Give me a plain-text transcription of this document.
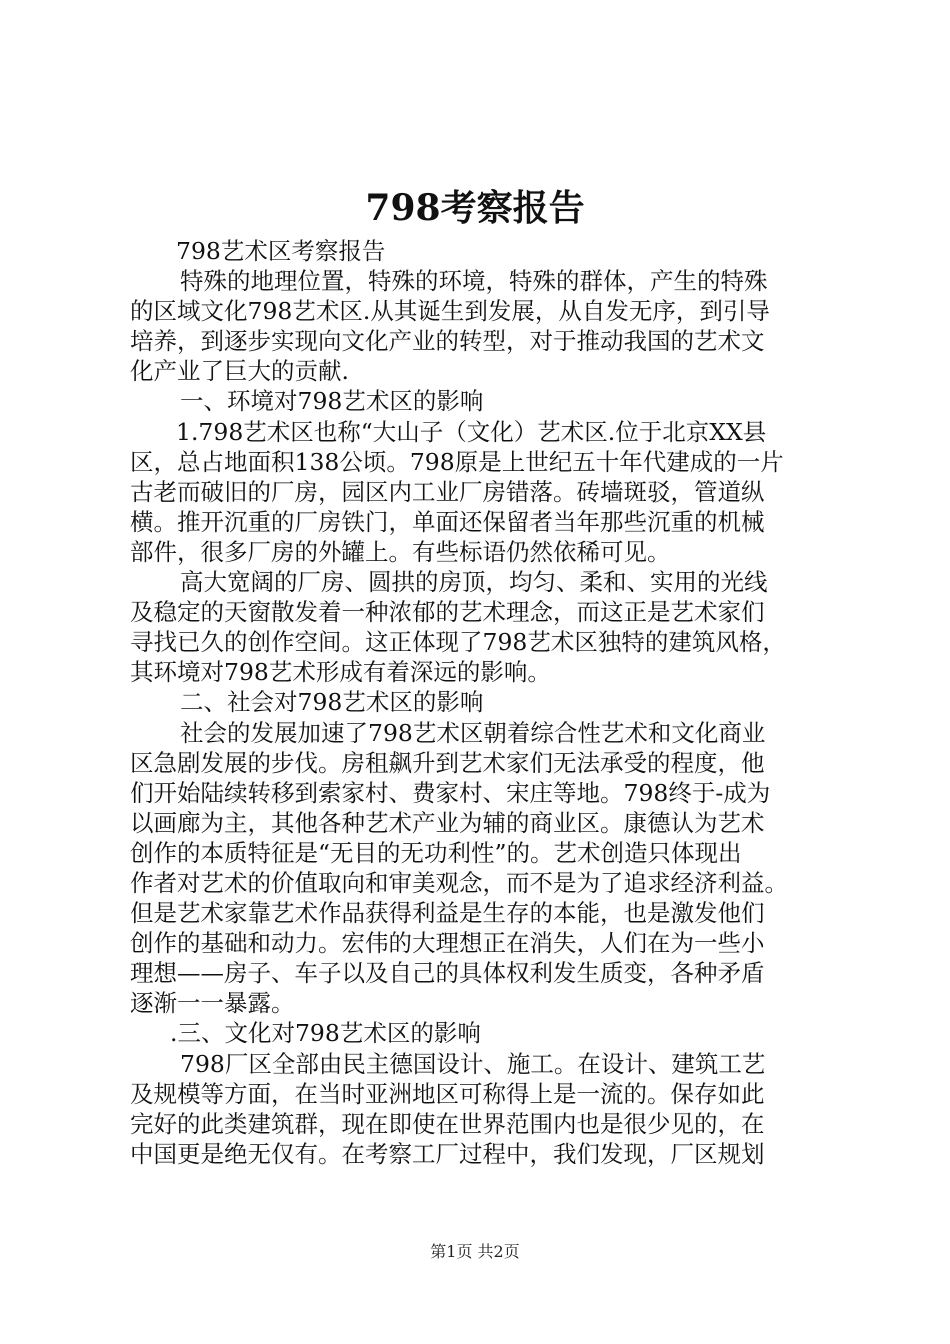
798考察报告
798艺术区考察报告
特殊的地理位置，特殊的环境，特殊的群体，产生的特殊
的区域文化798艺术区.从其诞生到发展，从自发无序，到引导
培养，到逐步实现向文化产业的转型，对于推动我国的艺术文
化产业了巨大的贡献.
一、环境对798艺术区的影响
1.798艺术区也称“大山子（文化）艺术区.位于北京XX县
区，总占地面积138公顷。798原是上世纪五十年代建成的一片
古老而破旧的厂房，园区内工业厂房错落。砖墙斑驳，管道纵
横。推开沉重的厂房铁门，单面还保留者当年那些沉重的机械
部件，很多厂房的外罐上。有些标语仍然依稀可见。
高大宽阔的厂房、圆拱的房顶，均匀、柔和、实用的光线
及稳定的天窗散发着一种浓郁的艺术理念，而这正是艺术家们
寻找已久的创作空间。这正体现了798艺术区独特的建筑风格，
其环境对798艺术形成有着深远的影响。
二、社会对798艺术区的影响
社会的发展加速了798艺术区朝着综合性艺术和文化商业
区急剧发展的步伐。房租飙升到艺术家们无法承受的程度，他
们开始陆续转移到索家村、费家村、宋庄等地。798终于-成为
以画廊为主，其他各种艺术产业为辅的商业区。康德认为艺术
创作的本质特征是“无目的无功利性”的。艺术创造只体现出
作者对艺术的价值取向和审美观念，而不是为了追求经济利益。
但是艺术家靠艺术作品获得利益是生存的本能，也是激发他们
创作的基础和动力。宏伟的大理想正在消失，人们在为一些小
理想——房子、车子以及自己的具体权利发生质变，各种矛盾
逐渐一一暴露。
.三、文化对798艺术区的影响
798厂区全部由民主德国设计、施工。在设计、建筑工艺
及规模等方面，在当时亚洲地区可称得上是一流的。保存如此
完好的此类建筑群，现在即使在世界范围内也是很少见的，在
中国更是绝无仅有。在考察工厂过程中，我们发现，厂区规划
第1页 共2页
